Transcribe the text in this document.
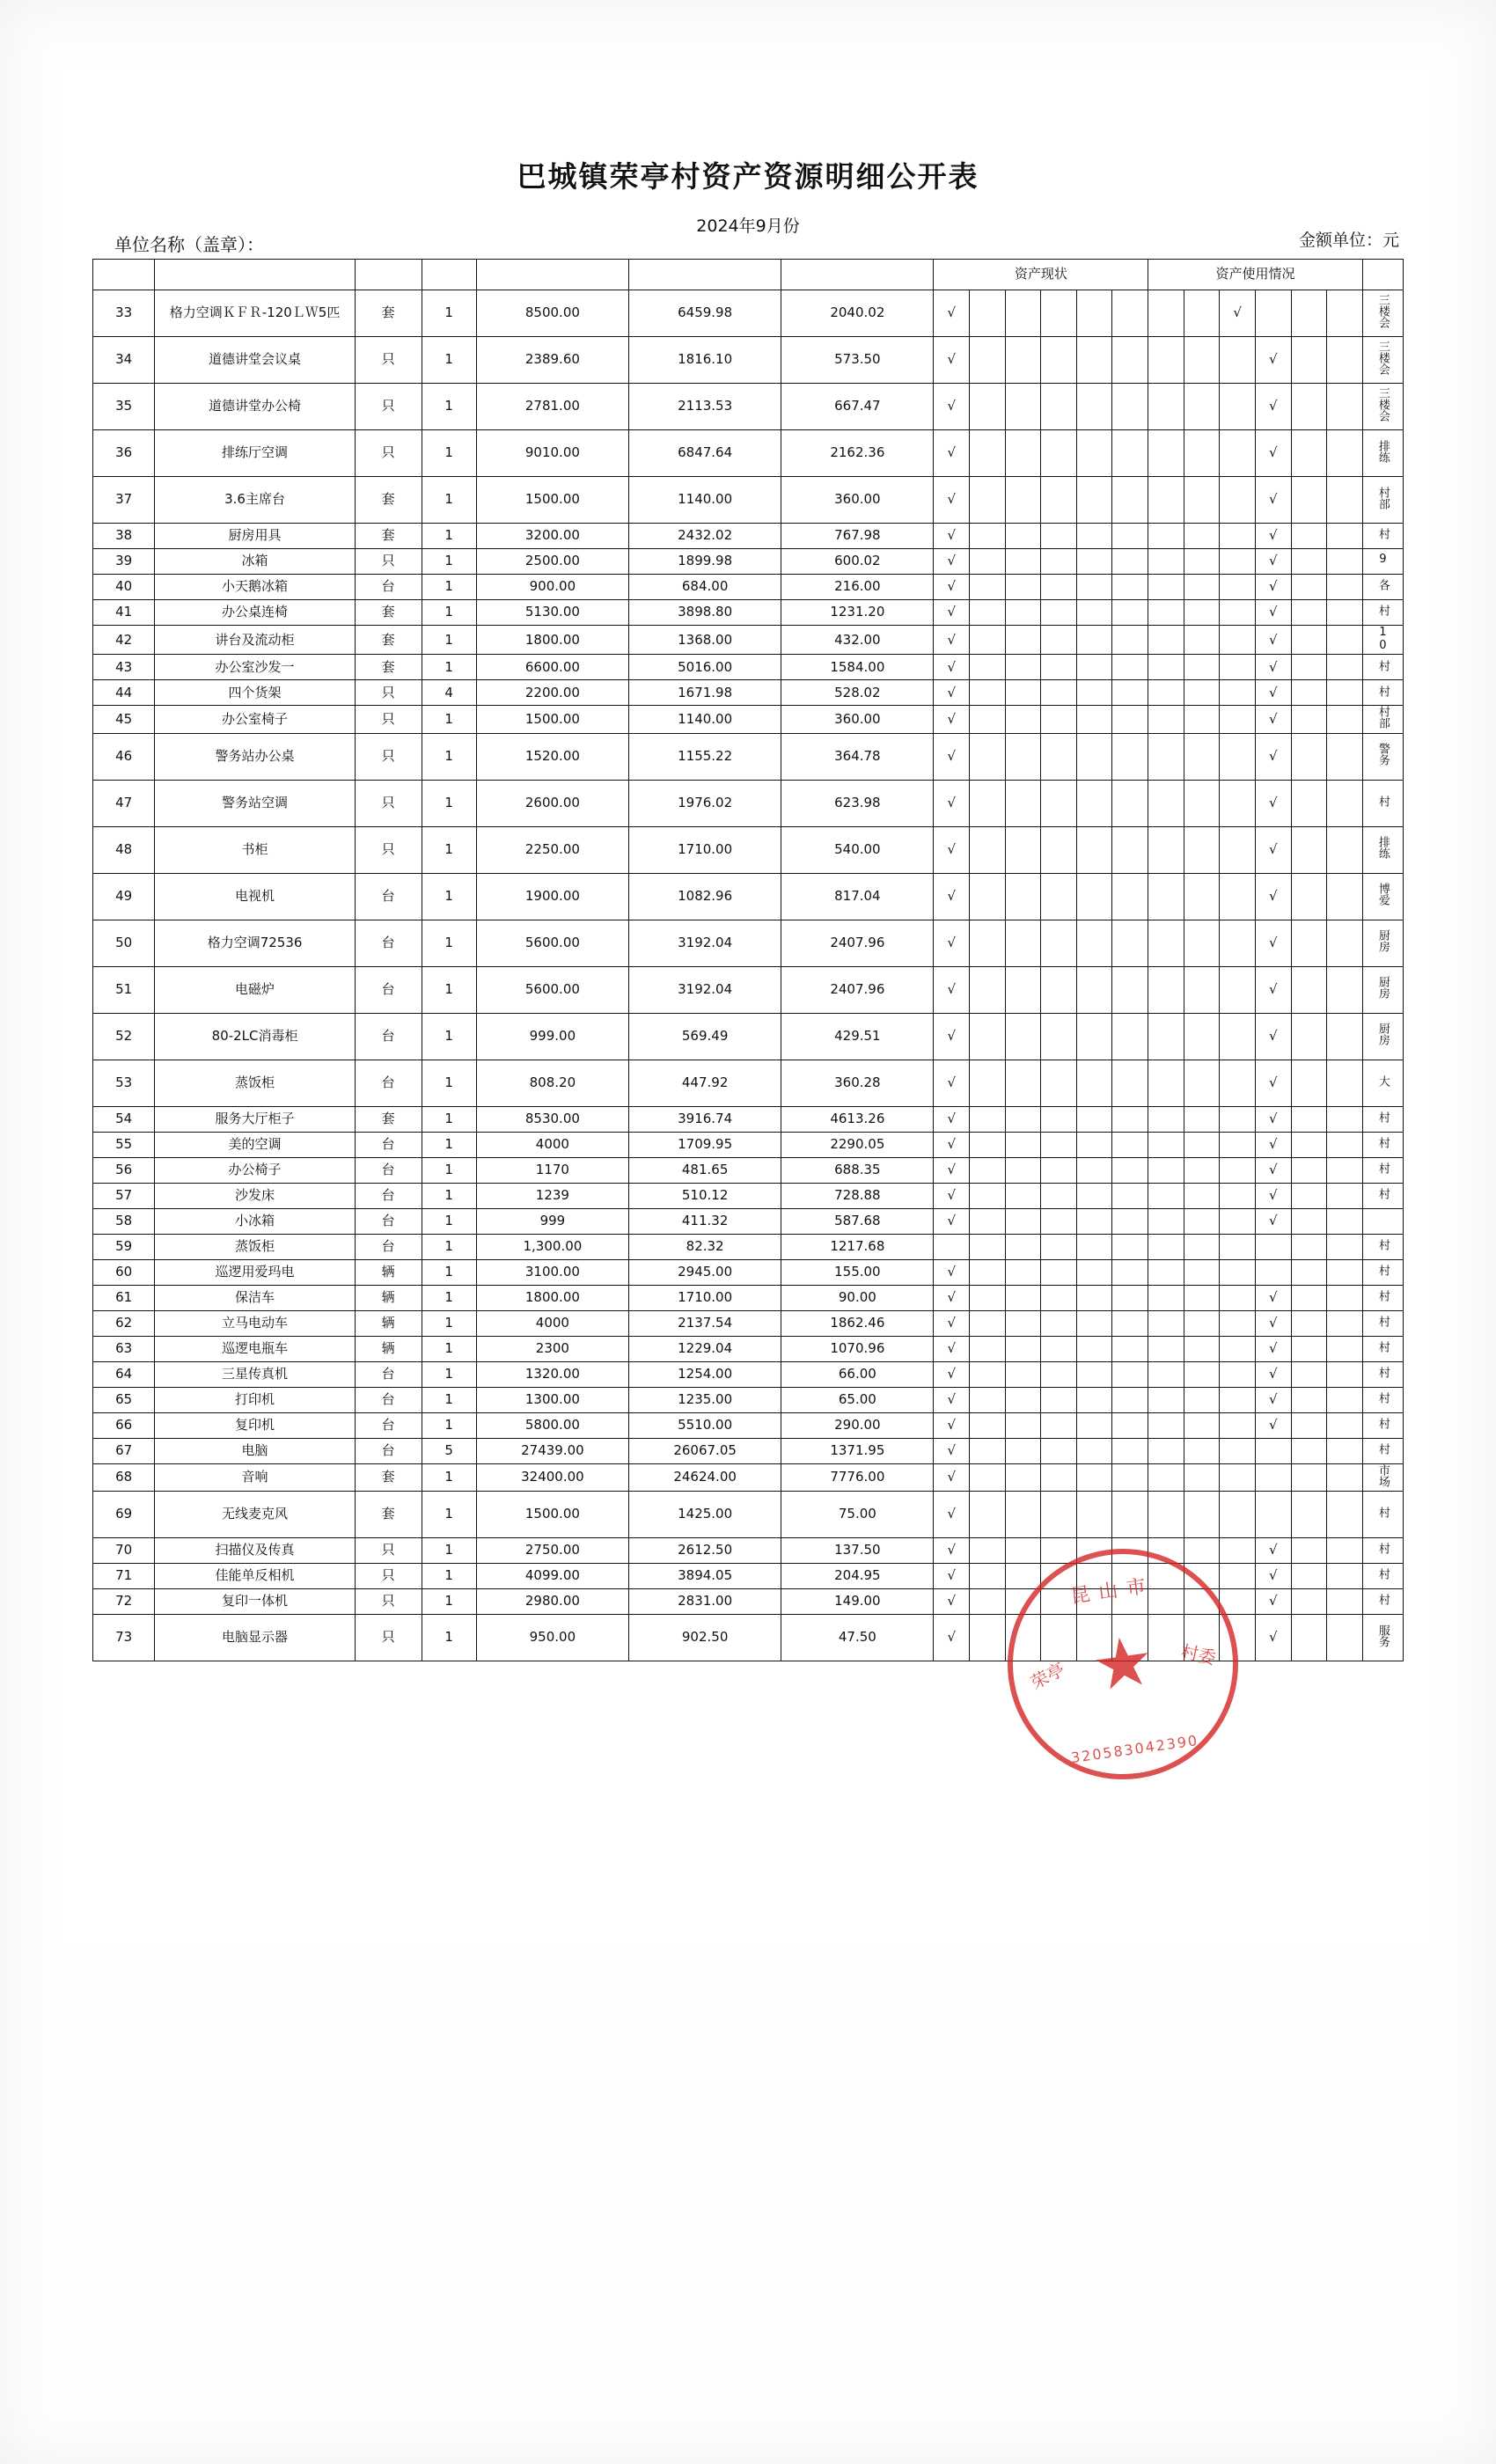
巴城镇荣亭村资产资源明细公开表
单位名称（盖章）：
2024年9月份
金额单位：元
							资产现状						资产使用情况						
33	格力空调ＫＦＲ-120ＬＷ5匹	套	1	8500.00	6459.98	2040.02	√								√				三楼会
34	道德讲堂会议桌	只	1	2389.60	1816.10	573.50	√									√			三楼会
35	道德讲堂办公椅	只	1	2781.00	2113.53	667.47	√									√			三楼会
36	排练厅空调	只	1	9010.00	6847.64	2162.36	√									√			排练
37	3.6主席台	套	1	1500.00	1140.00	360.00	√									√			村部
38	厨房用具	套	1	3200.00	2432.02	767.98	√									√			村
39	冰箱	只	1	2500.00	1899.98	600.02	√									√			9
40	小天鹅冰箱	台	1	900.00	684.00	216.00	√									√			各
41	办公桌连椅	套	1	5130.00	3898.80	1231.20	√									√			村
42	讲台及流动柜	套	1	1800.00	1368.00	432.00	√									√			10
43	办公室沙发一	套	1	6600.00	5016.00	1584.00	√									√			村
44	四个货架	只	4	2200.00	1671.98	528.02	√									√			村
45	办公室椅子	只	1	1500.00	1140.00	360.00	√									√			村部
46	警务站办公桌	只	1	1520.00	1155.22	364.78	√									√			警务
47	警务站空调	只	1	2600.00	1976.02	623.98	√									√			村
48	书柜	只	1	2250.00	1710.00	540.00	√									√			排练
49	电视机	台	1	1900.00	1082.96	817.04	√									√			博爱
50	格力空调72536	台	1	5600.00	3192.04	2407.96	√									√			厨房
51	电磁炉	台	1	5600.00	3192.04	2407.96	√									√			厨房
52	80-2LC消毒柜	台	1	999.00	569.49	429.51	√									√			厨房
53	蒸饭柜	台	1	808.20	447.92	360.28	√									√			大
54	服务大厅柜子	套	1	8530.00	3916.74	4613.26	√									√			村
55	美的空调	台	1	4000	1709.95	2290.05	√									√			村
56	办公椅子	台	1	1170	481.65	688.35	√									√			村
57	沙发床	台	1	1239	510.12	728.88	√									√			村
58	小冰箱	台	1	999	411.32	587.68	√									√			
59	蒸饭柜	台	1	1,300.00	82.32	1217.68													村
60	巡逻用爱玛电	辆	1	3100.00	2945.00	155.00	√												村
61	保洁车	辆	1	1800.00	1710.00	90.00	√									√			村
62	立马电动车	辆	1	4000	2137.54	1862.46	√									√			村
63	巡逻电瓶车	辆	1	2300	1229.04	1070.96	√									√			村
64	三星传真机	台	1	1320.00	1254.00	66.00	√									√			村
65	打印机	台	1	1300.00	1235.00	65.00	√									√			村
66	复印机	台	1	5800.00	5510.00	290.00	√									√			村
67	电脑	台	5	27439.00	26067.05	1371.95	√												村
68	音响	套	1	32400.00	24624.00	7776.00	√												市场
69	无线麦克风	套	1	1500.00	1425.00	75.00	√												村
70	扫描仪及传真	只	1	2750.00	2612.50	137.50	√									√			村
71	佳能单反相机	只	1	4099.00	3894.05	204.95	√									√			村
72	复印一体机	只	1	2980.00	2831.00	149.00	√									√			村
73	电脑显示器	只	1	950.00	902.50	47.50	√									√			服务
昆山市
荣亭
村委
★
320583042390
